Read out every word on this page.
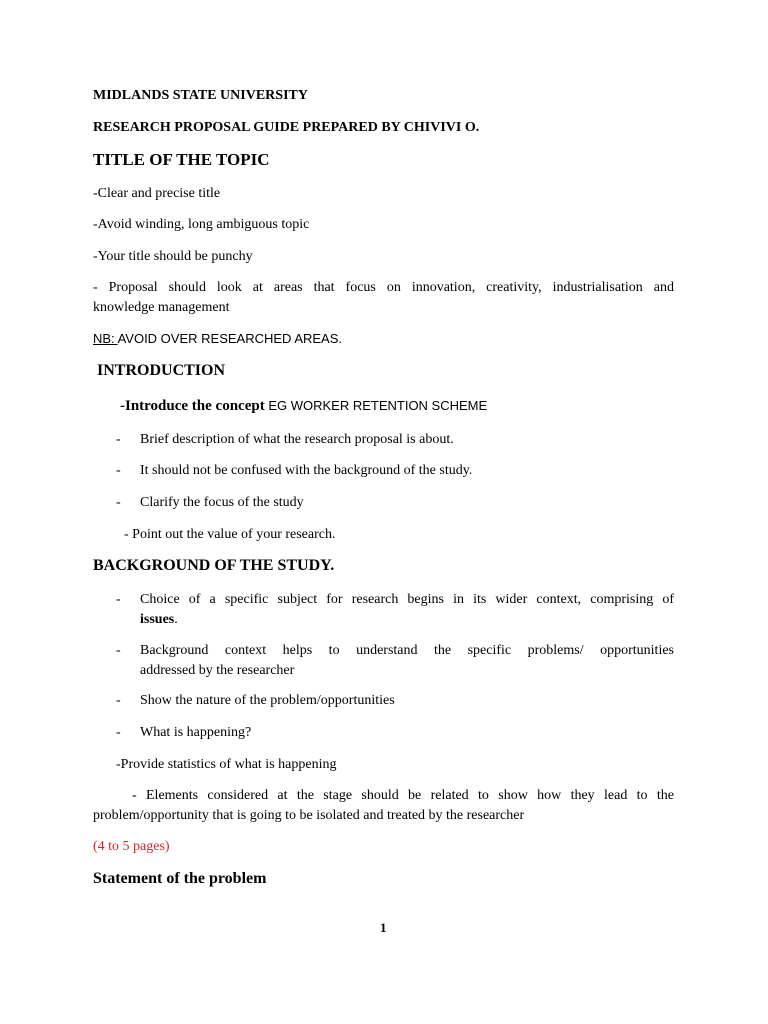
MIDLANDS STATE UNIVERSITY
RESEARCH PROPOSAL GUIDE PREPARED BY CHIVIVI O.
TITLE OF THE TOPIC
-Clear and precise title
-Avoid winding, long ambiguous topic
-Your title should be punchy
- Proposal should look at areas that focus on innovation, creativity, industrialisation and
knowledge management
NB: AVOID OVER RESEARCHED AREAS.
INTRODUCTION
-Introduce the concept EG WORKER RETENTION SCHEME
- Brief description of what the research proposal is about.
- It should not be confused with the background of the study.
- Clarify the focus of the study
- Point out the value of your research.
BACKGROUND OF THE STUDY.
- Choice of a specific subject for research begins in its wider context, comprising of
issues.
- Background context helps to understand the specific problems/ opportunities
addressed by the researcher
- Show the nature of the problem/opportunities
- What is happening?
-Provide statistics of what is happening
- Elements considered at the stage should be related to show how they lead to the
problem/opportunity that is going to be isolated and treated by the researcher
(4 to 5 pages)
Statement of the problem
1
